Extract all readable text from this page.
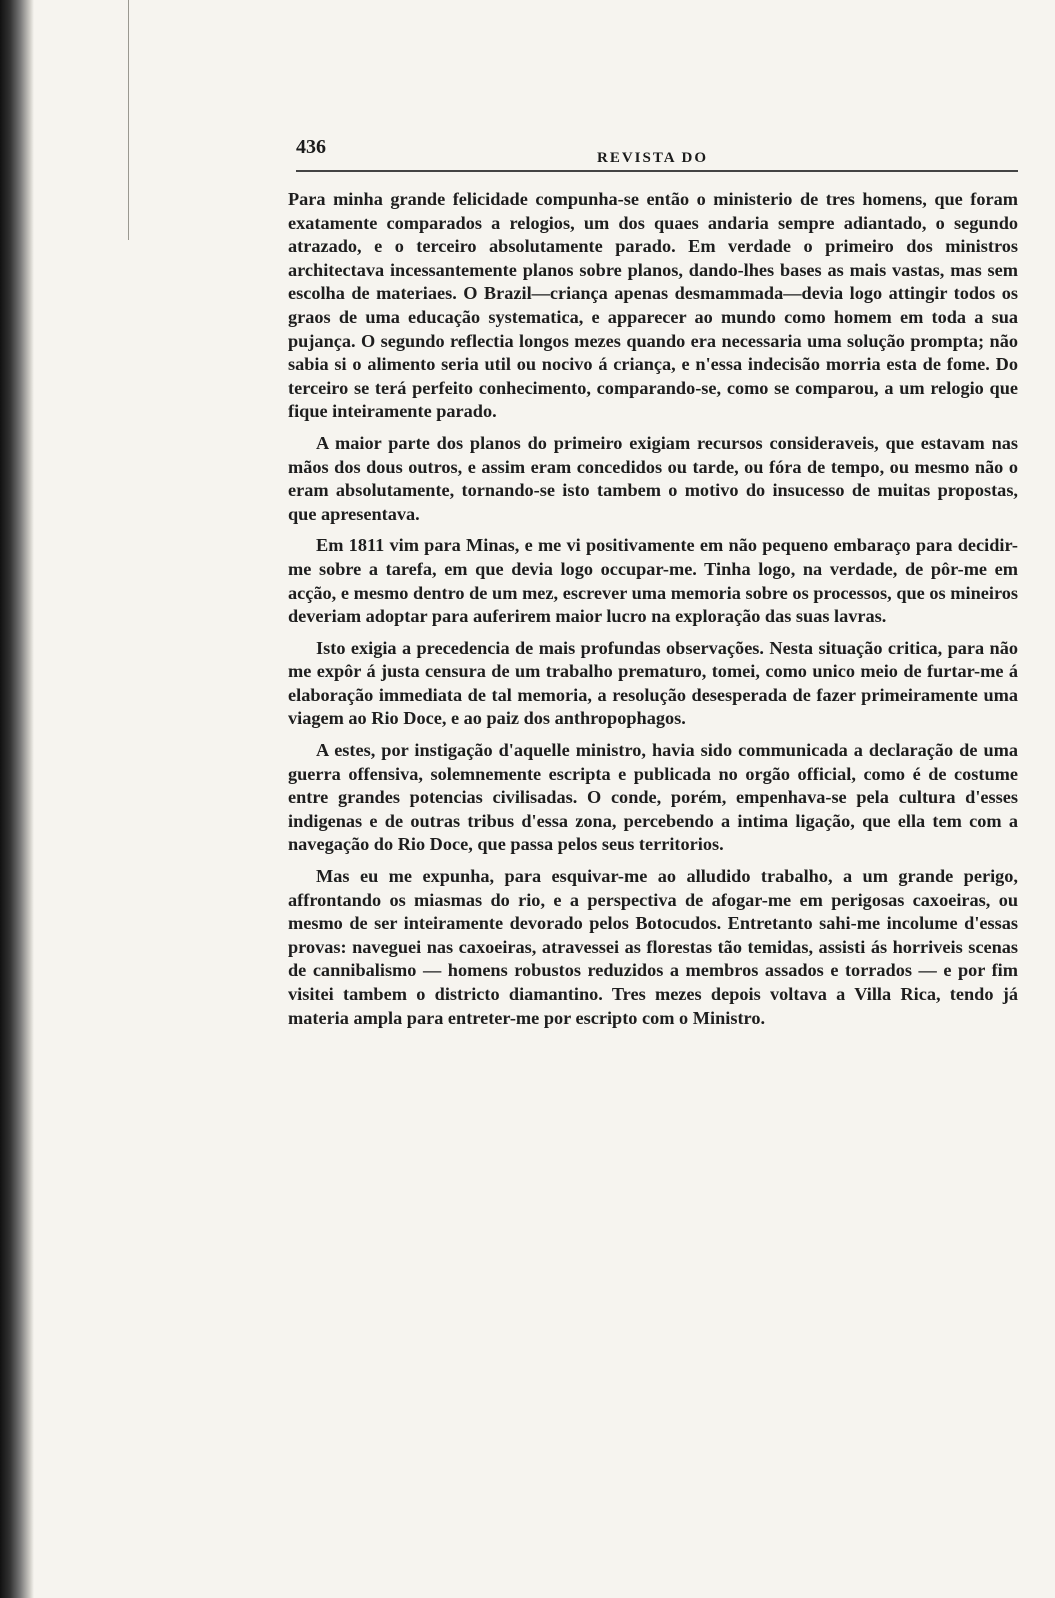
436	REVISTA DO

Para minha grande felicidade compunha-se então o ministerio de tres homens, que foram exatamente comparados a relogios, um dos quaes andaria sempre adiantado, o segundo atrazado, e o terceiro absolutamente parado. Em verdade o primeiro dos ministros architectava incessantemente planos sobre planos, dando-lhes bases as mais vastas, mas sem escolha de materiaes. O Brazil—criança apenas desmammada—devia logo attingir todos os graos de uma educação systematica, e apparecer ao mundo como homem em toda a sua pujança. O segundo reflectia longos mezes quando era necessaria uma solução prompta; não sabia si o alimento seria util ou nocivo á criança, e n'essa indecisão morria esta de fome. Do terceiro se terá perfeito conhecimento, comparando-se, como se comparou, a um relogio que fique inteiramente parado.

A maior parte dos planos do primeiro exigiam recursos consideraveis, que estavam nas mãos dos dous outros, e assim eram concedidos ou tarde, ou fóra de tempo, ou mesmo não o eram absolutamente, tornando-se isto tambem o motivo do insucesso de muitas propostas, que apresentava.

Em 1811 vim para Minas, e me vi positivamente em não pequeno embaraço para decidir-me sobre a tarefa, em que devia logo occupar-me. Tinha logo, na verdade, de pôr-me em acção, e mesmo dentro de um mez, escrever uma memoria sobre os processos, que os mineiros deveriam adoptar para auferirem maior lucro na exploração das suas lavras.

Isto exigia a precedencia de mais profundas observações. Nesta situação critica, para não me expôr á justa censura de um trabalho prematuro, tomei, como unico meio de furtar-me á elaboração immediata de tal memoria, a resolução desesperada de fazer primeiramente uma viagem ao Rio Doce, e ao paiz dos anthropophagos.

A estes, por instigação d'aquelle ministro, havia sido communicada a declaração de uma guerra offensiva, solemnemente escripta e publicada no orgão official, como é de costume entre grandes potencias civilisadas. O conde, porém, empenhava-se pela cultura d'esses indigenas e de outras tribus d'essa zona, percebendo a intima ligação, que ella tem com a navegação do Rio Doce, que passa pelos seus territorios.

Mas eu me expunha, para esquivar-me ao alludido trabalho, a um grande perigo, affrontando os miasmas do rio, e a perspectiva de afogar-me em perigosas caxoeiras, ou mesmo de ser inteiramente devorado pelos Botocudos. Entretanto sahi-me incolume d'essas provas: naveguei nas caxoeiras, atravessei as florestas tão temidas, assisti ás horriveis scenas de cannibalismo — homens robustos reduzidos a membros assados e torrados — e por fim visitei tambem o districto diamantino. Tres mezes depois voltava a Villa Rica, tendo já materia ampla para entreter-me por escripto com o Ministro.
